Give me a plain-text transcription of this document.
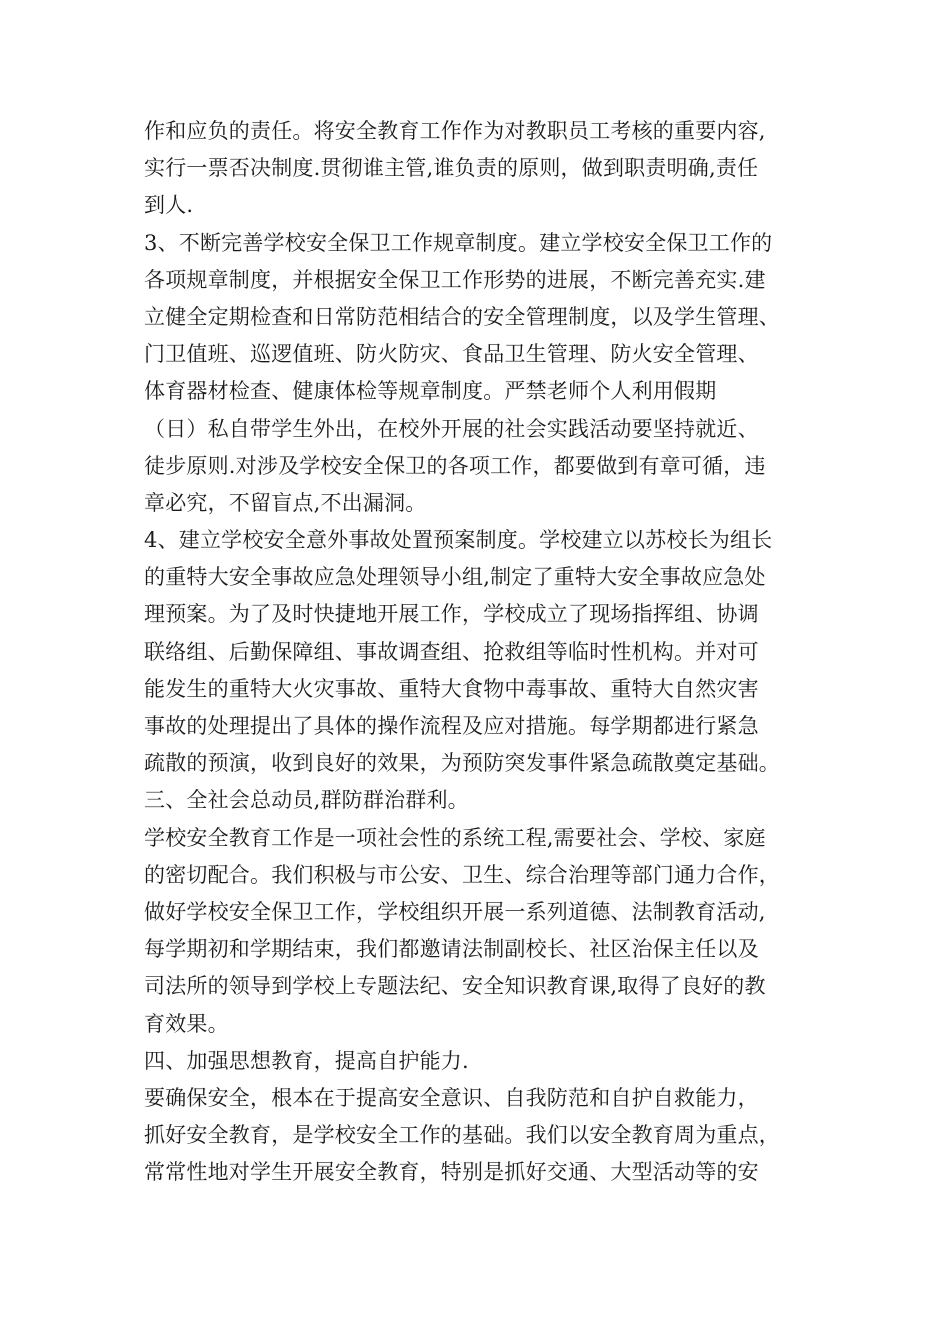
作和应负的责任。将安全教育工作作为对教职员工考核的重要内容,
实行一票否决制度.贯彻谁主管,谁负责的原则，做到职责明确,责任
到人.
3、不断完善学校安全保卫工作规章制度。建立学校安全保卫工作的
各项规章制度，并根据安全保卫工作形势的进展，不断完善充实.建
立健全定期检查和日常防范相结合的安全管理制度，以及学生管理、
门卫值班、巡逻值班、防火防灾、食品卫生管理、防火安全管理、
体育器材检查、健康体检等规章制度。严禁老师个人利用假期
（日）私自带学生外出，在校外开展的社会实践活动要坚持就近、
徒步原则.对涉及学校安全保卫的各项工作，都要做到有章可循，违
章必究，不留盲点,不出漏洞。
4、建立学校安全意外事故处置预案制度。学校建立以苏校长为组长
的重特大安全事故应急处理领导小组,制定了重特大安全事故应急处
理预案。为了及时快捷地开展工作，学校成立了现场指挥组、协调
联络组、后勤保障组、事故调查组、抢救组等临时性机构。并对可
能发生的重特大火灾事故、重特大食物中毒事故、重特大自然灾害
事故的处理提出了具体的操作流程及应对措施。每学期都进行紧急
疏散的预演，收到良好的效果，为预防突发事件紧急疏散奠定基础。
三、全社会总动员,群防群治群利。
学校安全教育工作是一项社会性的系统工程,需要社会、学校、家庭
的密切配合。我们积极与市公安、卫生、综合治理等部门通力合作，
做好学校安全保卫工作，学校组织开展一系列道德、法制教育活动,
每学期初和学期结束，我们都邀请法制副校长、社区治保主任以及
司法所的领导到学校上专题法纪、安全知识教育课,取得了良好的教
育效果。
四、加强思想教育，提高自护能力.
要确保安全，根本在于提高安全意识、自我防范和自护自救能力，
抓好安全教育，是学校安全工作的基础。我们以安全教育周为重点，
常常性地对学生开展安全教育，特别是抓好交通、大型活动等的安
